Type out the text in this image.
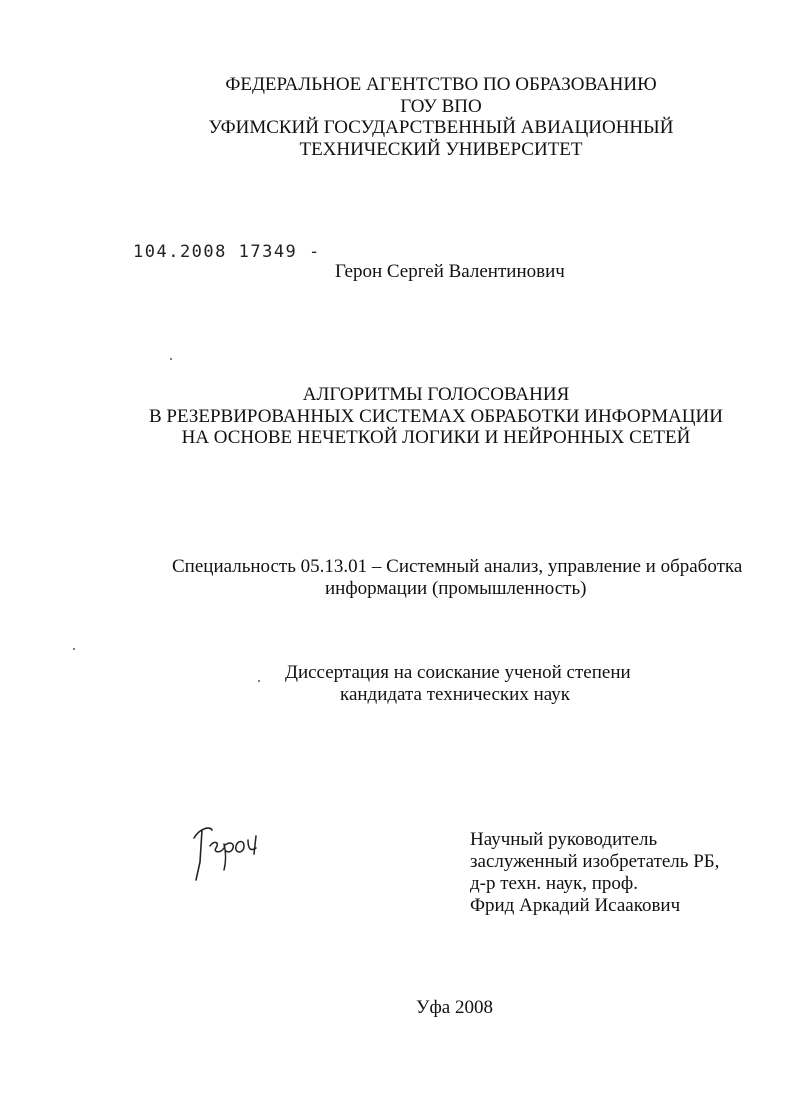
ФЕДЕРАЛЬНОЕ АГЕНТСТВО ПО ОБРАЗОВАНИЮ
ГОУ ВПО
УФИМСКИЙ ГОСУДАРСТВЕННЫЙ АВИАЦИОННЫЙ
ТЕХНИЧЕСКИЙ УНИВЕРСИТЕТ
104.2008 17349 -
Герон Сергей Валентинович
АЛГОРИТМЫ ГОЛОСОВАНИЯ
В РЕЗЕРВИРОВАННЫХ СИСТЕМАХ ОБРАБОТКИ ИНФОРМАЦИИ
НА ОСНОВЕ НЕЧЕТКОЙ ЛОГИКИ И НЕЙРОННЫХ СЕТЕЙ
Специальность 05.13.01 – Системный анализ, управление и обработка
информации (промышленность)
Диссертация на соискание ученой степени
кандидата технических наук
Научный руководитель
заслуженный изобретатель РБ,
д-р техн. наук, проф.
Фрид Аркадий Исаакович
Уфа 2008
